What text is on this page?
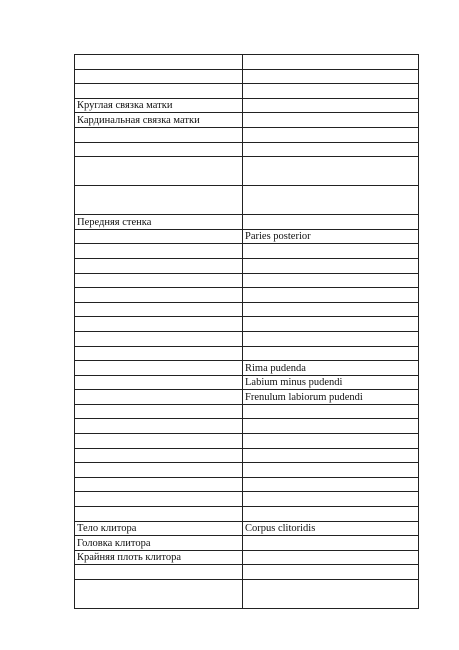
Круглая связка матки	
Кардинальная связка матки	

Передняя стенка	
	Paries posterior

	Rima pudenda
	Labium minus pudendi
	Frenulum labiorum pudendi

Тело клитора	Corpus clitoridis
Головка клитора	
Крайняя плоть клитора	
